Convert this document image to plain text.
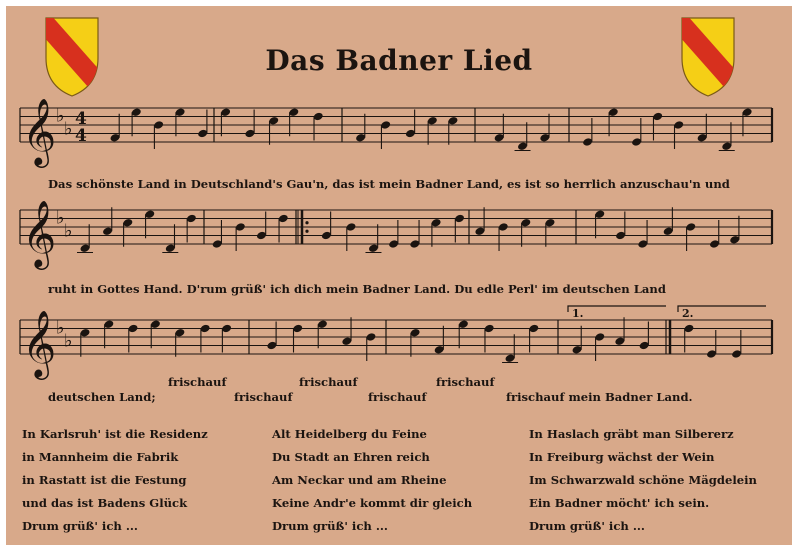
Das Badner Lied
𝄞 ♭
♭ 4
4
𝄞 ♭
♭
𝄞 ♭
♭
1.	2.
Das schönste Land in Deutschland's Gau'n, das ist mein Badner Land, es ist so herrlich anzuschau'n und
ruht in Gottes Hand. D'rum grüß' ich dich mein Badner Land. Du edle Perl' im deutschen Land
frischauf	frischauf	frischauf
deutschen Land;	frischauf	frischauf	frischauf mein Badner Land.
In Karlsruh' ist die Residenz
in Mannheim die Fabrik
in Rastatt ist die Festung
und das ist Badens Glück
Drum grüß' ich ...
Alt Heidelberg du Feine
Du Stadt an Ehren reich
Am Neckar und am Rheine
Keine Andr'e kommt dir gleich
Drum grüß' ich ...
In Haslach gräbt man Silbererz
In Freiburg wächst der Wein
Im Schwarzwald schöne Mägdelein
Ein Badner möcht' ich sein.
Drum grüß' ich ...
